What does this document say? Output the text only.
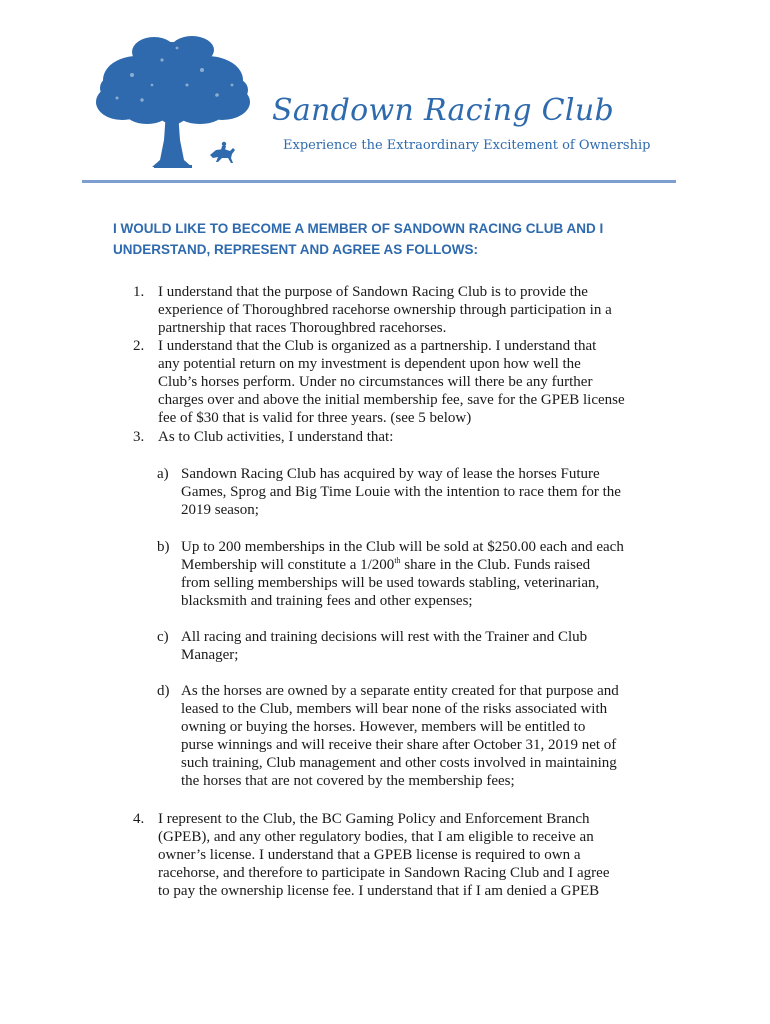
Sandown Racing Club

Experience the Extraordinary Excitement of Ownership

I WOULD LIKE TO BECOME A MEMBER OF SANDOWN RACING CLUB AND I
UNDERSTAND, REPRESENT AND AGREE AS FOLLOWS:
1. I understand that the purpose of Sandown Racing Club is to provide the
experience of Thoroughbred racehorse ownership through participation in a
partnership that races Thoroughbred racehorses.
2. I understand that the Club is organized as a partnership. I understand that
any potential return on my investment is dependent upon how well the
Club’s horses perform. Under no circumstances will there be any further
charges over and above the initial membership fee, save for the GPEB license
fee of $30 that is valid for three years. (see 5 below)
3. As to Club activities, I understand that:
a) Sandown Racing Club has acquired by way of lease the horses Future
Games, Sprog and Big Time Louie with the intention to race them for the
2019 season;
b) Up to 200 memberships in the Club will be sold at $250.00 each and each
Membership will constitute a 1/200th share in the Club. Funds raised
from selling memberships will be used towards stabling, veterinarian,
blacksmith and training fees and other expenses;
c) All racing and training decisions will rest with the Trainer and Club
Manager;
d) As the horses are owned by a separate entity created for that purpose and
leased to the Club, members will bear none of the risks associated with
owning or buying the horses. However, members will be entitled to
purse winnings and will receive their share after October 31, 2019 net of
such training, Club management and other costs involved in maintaining
the horses that are not covered by the membership fees;
4. I represent to the Club, the BC Gaming Policy and Enforcement Branch
(GPEB), and any other regulatory bodies, that I am eligible to receive an
owner’s license. I understand that a GPEB license is required to own a
racehorse, and therefore to participate in Sandown Racing Club and I agree
to pay the ownership license fee. I understand that if I am denied a GPEB
